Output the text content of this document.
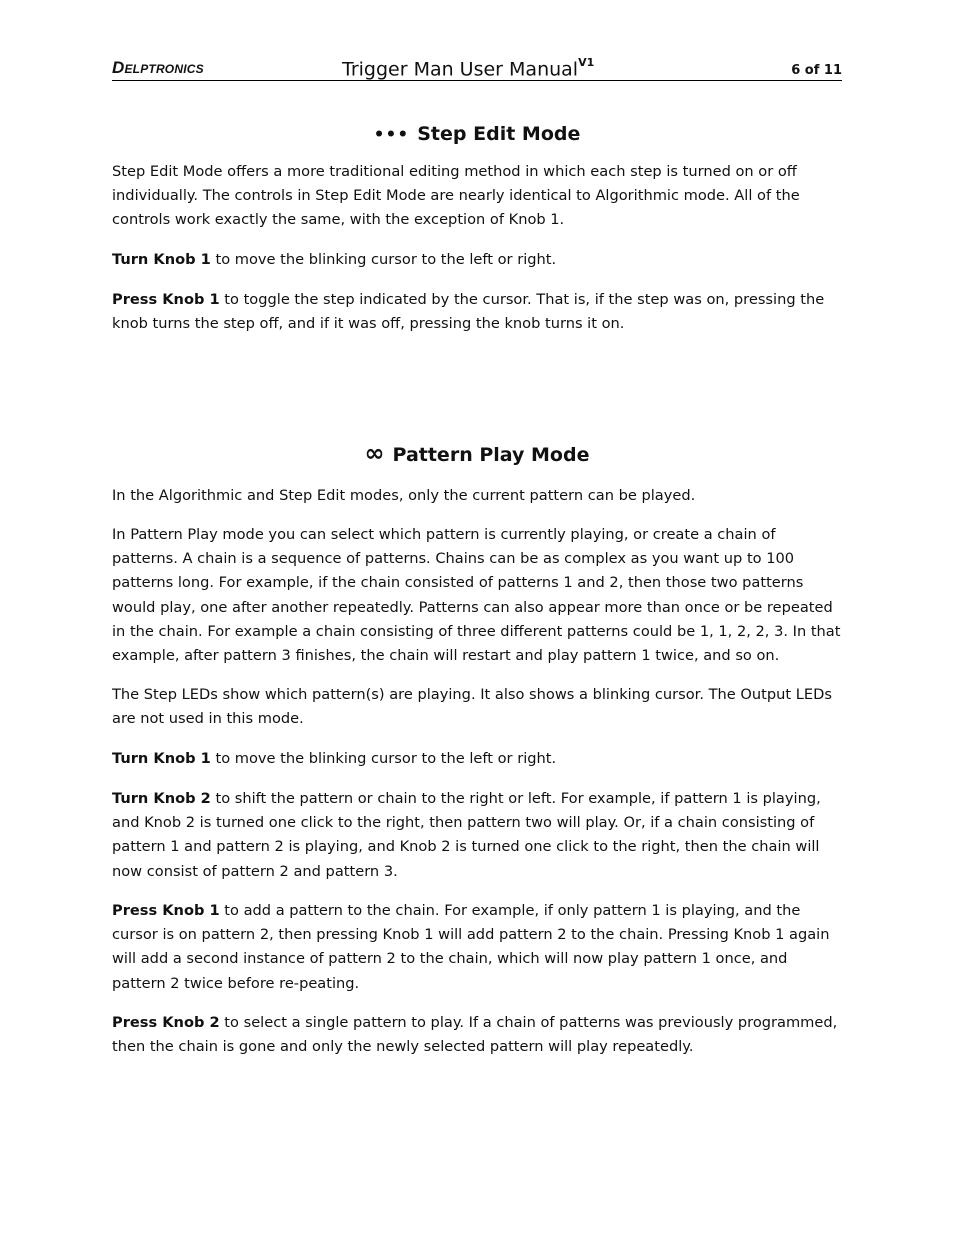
Delptronics	Trigger Man User Manual$^{V1}$
6 of 11
••• Step Edit Mode

Step Edit Mode offers a more traditional editing method in which each step is turned on or off individually. The controls in Step Edit Mode are nearly identical to Algorithmic mode. All of the controls work exactly the same, with the exception of Knob 1.

Turn Knob 1 to move the blinking cursor to the left or right.

Press Knob 1 to toggle the step indicated by the cursor. That is, if the step was on, pressing the knob turns the step off, and if it was off, pressing the knob turns it on.

∞ Pattern Play Mode

In the Algorithmic and Step Edit modes, only the current pattern can be played.

In Pattern Play mode you can select which pattern is currently playing, or create a chain of patterns. A chain is a sequence of patterns. Chains can be as complex as you want up to 100 patterns long. For example, if the chain consisted of patterns 1 and 2, then those two patterns would play, one after another repeatedly. Patterns can also appear more than once or be repeated in the chain. For example a chain consisting of three different patterns could be 1, 1, 2, 2, 3. In that example, after pattern 3 finishes, the chain will restart and play pattern 1 twice, and so on.

The Step LEDs show which pattern(s) are playing. It also shows a blinking cursor. The Output LEDs are not used in this mode.

Turn Knob 1 to move the blinking cursor to the left or right.

Turn Knob 2 to shift the pattern or chain to the right or left. For example, if pattern 1 is playing, and Knob 2 is turned one click to the right, then pattern two will play. Or, if a chain consisting of pattern 1 and pattern 2 is playing, and Knob 2 is turned one click to the right, then the chain will now consist of pattern 2 and pattern 3.

Press Knob 1 to add a pattern to the chain. For example, if only pattern 1 is playing, and the cursor is on pattern 2, then pressing Knob 1 will add pattern 2 to the chain. Pressing Knob 1 again will add a second instance of pattern 2 to the chain, which will now play pattern 1 once, and pattern 2 twice before re-peating.

Press Knob 2 to select a single pattern to play. If a chain of patterns was previously programmed, then the chain is gone and only the newly selected pattern will play repeatedly.
